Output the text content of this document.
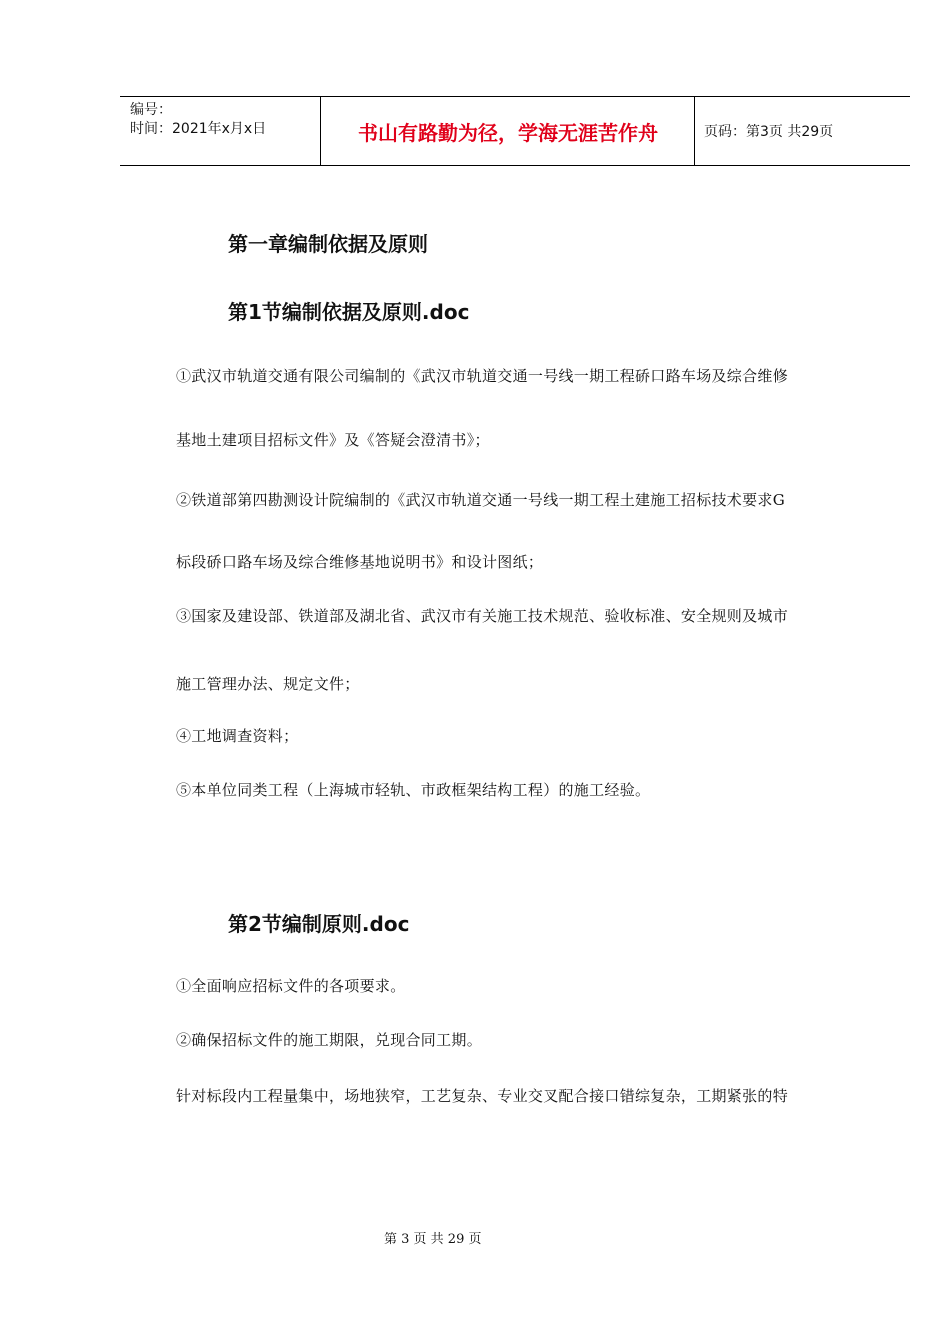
编号：
时间：2021年x月x日	书山有路勤为径，学海无涯苦作舟	页码：第3页 共29页
第一章编制依据及原则
第1节编制依据及原则.doc
①武汉市轨道交通有限公司编制的《武汉市轨道交通一号线一期工程硚口路车场及综合维修
基地土建项目招标文件》及《答疑会澄清书》；
②铁道部第四勘测设计院编制的《武汉市轨道交通一号线一期工程土建施工招标技术要求G
标段硚口路车场及综合维修基地说明书》和设计图纸；
③国家及建设部、铁道部及湖北省、武汉市有关施工技术规范、验收标准、安全规则及城市
施工管理办法、规定文件；
④工地调查资料；
⑤本单位同类工程（上海城市轻轨、市政框架结构工程）的施工经验。
第2节编制原则.doc
①全面响应招标文件的各项要求。
②确保招标文件的施工期限，兑现合同工期。
针对标段内工程量集中，场地狭窄，工艺复杂、专业交叉配合接口错综复杂，工期紧张的特
第 3 页 共 29 页
